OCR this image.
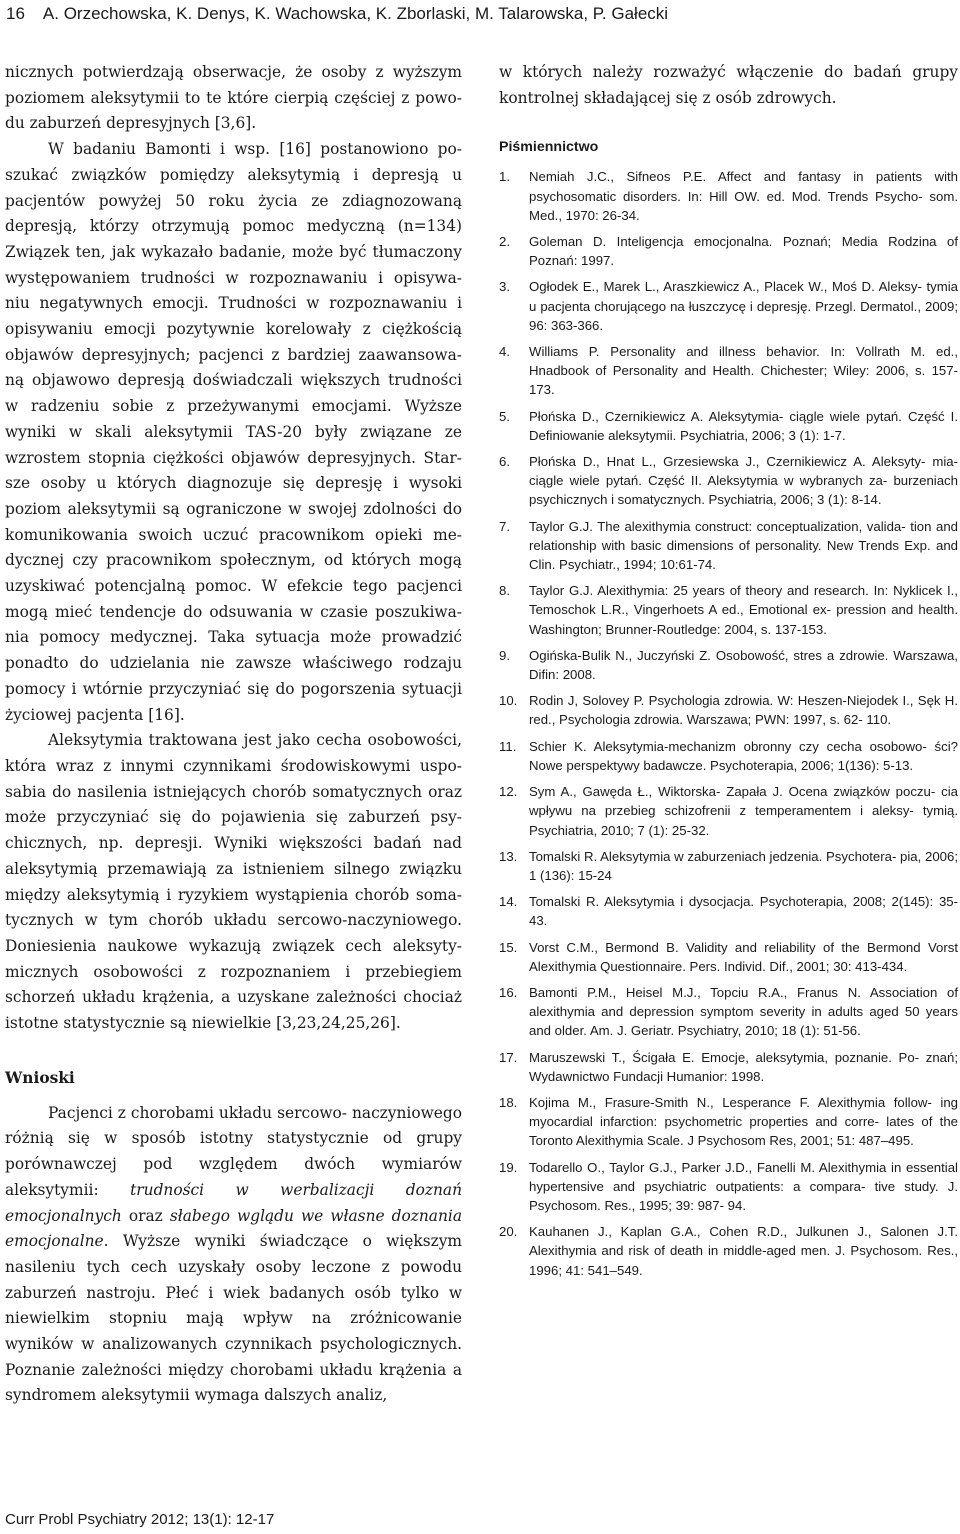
16 A. Orzechowska, K. Denys, K. Wachowska, K. Zborlaski, M. Talarowska, P. Gałecki

nicznych potwierdzają obserwacje, że osoby z wyższym poziomem aleksytymii to te które cierpią częściej z powo- du zaburzeń depresyjnych [3,6].

W badaniu Bamonti i wsp. [16] postanowiono po- szukać związków pomiędzy aleksytymią i depresją u pacjentów powyżej 50 roku życia ze zdiagnozowaną depresją, którzy otrzymują pomoc medyczną (n=134) Związek ten, jak wykazało badanie, może być tłumaczony występowaniem trudności w rozpoznawaniu i opisywa- niu negatywnych emocji. Trudności w rozpoznawaniu i opisywaniu emocji pozytywnie korelowały z ciężkością objawów depresyjnych; pacjenci z bardziej zaawansowa- ną objawowo depresją doświadczali większych trudności w radzeniu sobie z przeżywanymi emocjami. Wyższe wyniki w skali aleksytymii TAS-20 były związane ze wzrostem stopnia ciężkości objawów depresyjnych. Star- sze osoby u których diagnozuje się depresję i wysoki poziom aleksytymii są ograniczone w swojej zdolności do komunikowania swoich uczuć pracownikom opieki me- dycznej czy pracownikom społecznym, od których mogą uzyskiwać potencjalną pomoc. W efekcie tego pacjenci mogą mieć tendencje do odsuwania w czasie poszukiwa- nia pomocy medycznej. Taka sytuacja może prowadzić ponadto do udzielania nie zawsze właściwego rodzaju pomocy i wtórnie przyczyniać się do pogorszenia sytuacji życiowej pacjenta [16].

Aleksytymia traktowana jest jako cecha osobowości, która wraz z innymi czynnikami środowiskowymi uspo- sabia do nasilenia istniejących chorób somatycznych oraz może przyczyniać się do pojawienia się zaburzeń psy- chicznych, np. depresji. Wyniki większości badań nad aleksytymią przemawiają za istnieniem silnego związku między aleksytymią i ryzykiem wystąpienia chorób soma- tycznych w tym chorób układu sercowo-naczyniowego. Doniesienia naukowe wykazują związek cech aleksyty- micznych osobowości z rozpoznaniem i przebiegiem schorzeń układu krążenia, a uzyskane zależności chociaż istotne statystycznie są niewielkie [3,23,24,25,26].

Wnioski

Pacjenci z chorobami układu sercowo- naczyniowego różnią się w sposób istotny statystycznie od grupy porównawczej pod względem dwóch wymiarów aleksytymii: trudności w werbalizacji doznań emocjonalnych oraz słabego wglądu we własne doznania emocjonalne. Wyższe wyniki świadczące o większym nasileniu tych cech uzyskały osoby leczone z powodu zaburzeń nastroju. Płeć i wiek badanych osób tylko w niewielkim stopniu mają wpływ na zróżnicowanie wyników w analizowanych czynnikach psychologicznych. Poznanie zależności między chorobami układu krążenia a syndromem aleksytymii wymaga dalszych analiz,

w których należy rozważyć włączenie do badań grupy kontrolnej składającej się z osób zdrowych.

Piśmiennictwo
1.	Nemiah J.C., Sifneos P.E. Affect and fantasy in patients with psychosomatic disorders. In: Hill OW. ed. Mod. Trends Psycho- som. Med., 1970: 26-34.
2.	Goleman D. Inteligencja emocjonalna. Poznań; Media Rodzina of Poznań: 1997.
3.	Ogłodek E., Marek L., Araszkiewicz A., Placek W., Moś D. Aleksy- tymia u pacjenta chorującego na łuszczycę i depresję. Przegl. Dermatol., 2009; 96: 363-366.
4.	Williams P. Personality and illness behavior. In: Vollrath M. ed., Hnadbook of Personality and Health. Chichester; Wiley: 2006, s. 157-173.
5.	Płońska D., Czernikiewicz A. Aleksytymia- ciągle wiele pytań. Część I. Definiowanie aleksytymii. Psychiatria, 2006; 3 (1): 1-7.
6.	Płońska D., Hnat L., Grzesiewska J., Czernikiewicz A. Aleksyty- mia- ciągle wiele pytań. Część II. Aleksytymia w wybranych za- burzeniach psychicznych i somatycznych. Psychiatria, 2006; 3 (1): 8-14.
7.	Taylor G.J. The alexithymia construct: conceptualization, valida- tion and relationship with basic dimensions of personality. New Trends Exp. and Clin. Psychiatr., 1994; 10:61-74.
8.	Taylor G.J. Alexithymia: 25 years of theory and research. In: Nyklicek I., Temoschok L.R., Vingerhoets A ed., Emotional ex- pression and health. Washington; Brunner-Routledge: 2004, s. 137-153.
9.	Ogińska-Bulik N., Juczyński Z. Osobowość, stres a zdrowie. Warszawa, Difin: 2008.
10. Rodin J, Solovey P. Psychologia zdrowia. W: Heszen-Niejodek I., Sęk H. red., Psychologia zdrowia. Warszawa; PWN: 1997, s. 62- 110.
11. Schier K. Aleksytymia-mechanizm obronny czy cecha osobowo- ści? Nowe perspektywy badawcze. Psychoterapia, 2006; 1(136): 5-13.
12. Sym A., Gawęda Ł., Wiktorska- Zapała J. Ocena związków poczu- cia wpływu na przebieg schizofrenii z temperamentem i aleksy- tymią. Psychiatria, 2010; 7 (1): 25-32.
13. Tomalski R. Aleksytymia w zaburzeniach jedzenia. Psychotera- pia, 2006; 1 (136): 15-24
14. Tomalski R. Aleksytymia i dysocjacja. Psychoterapia, 2008; 2(145): 35-43.
15. Vorst C.M., Bermond B. Validity and reliability of the Bermond Vorst Alexithymia Questionnaire. Pers. Individ. Dif., 2001; 30: 413-434.
16. Bamonti P.M., Heisel M.J., Topciu R.A., Franus N. Association of alexithymia and depression symptom severity in adults aged 50 years and older. Am. J. Geriatr. Psychiatry, 2010; 18 (1): 51-56.
17. Maruszewski T., Ścigała E. Emocje, aleksytymia, poznanie. Po- znań; Wydawnictwo Fundacji Humanior: 1998.
18. Kojima M., Frasure-Smith N., Lesperance F. Alexithymia follow- ing myocardial infarction: psychometric properties and corre- lates of the Toronto Alexithymia Scale. J Psychosom Res, 2001; 51: 487–495.
19. Todarello O., Taylor G.J., Parker J.D., Fanelli M. Alexithymia in essential hypertensive and psychiatric outpatients: a compara- tive study. J. Psychosom. Res., 1995; 39: 987- 94.
20. Kauhanen J., Kaplan G.A., Cohen R.D., Julkunen J., Salonen J.T. Alexithymia and risk of death in middle-aged men. J. Psychosom. Res., 1996; 41: 541–549.
Curr Probl Psychiatry 2012; 13(1): 12-17
